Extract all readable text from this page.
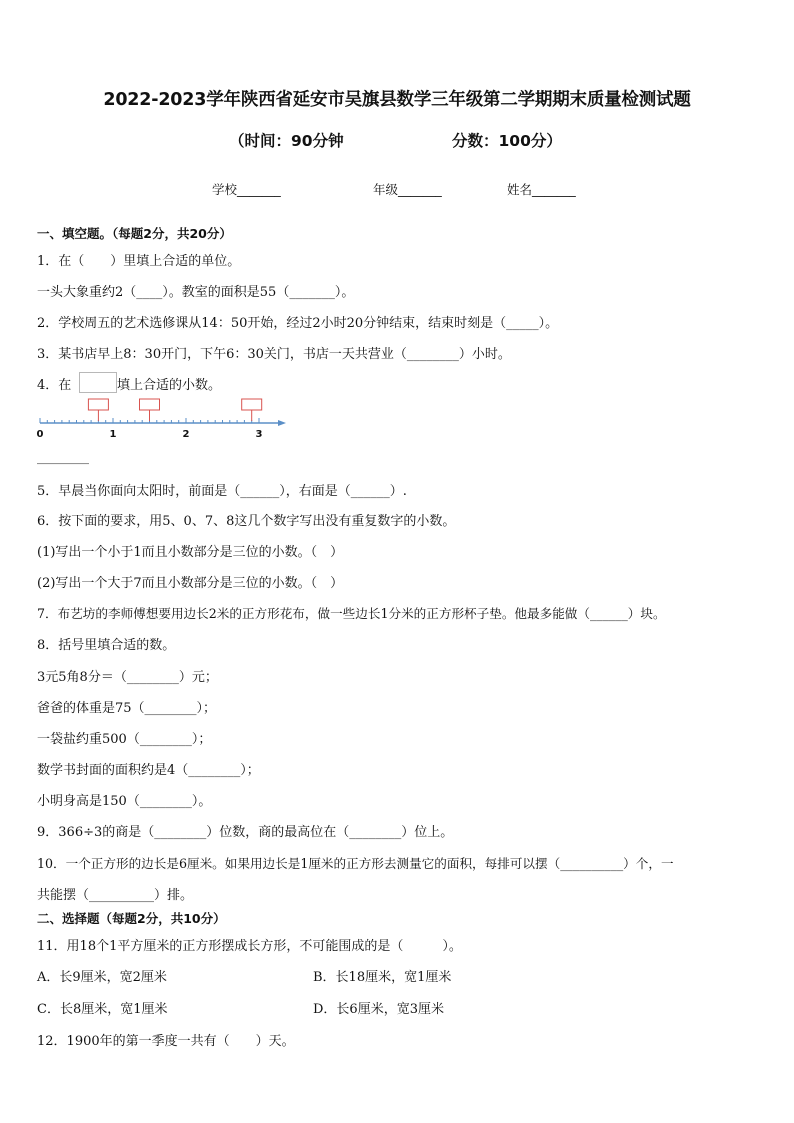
2022-2023学年陕西省延安市吴旗县数学三年级第二学期期末质量检测试题
（时间：90分钟	分数：100分）
学校_______	年级_______	姓名_______
一、填空题。（每题2分，共20分）
1．在（　　）里填上合适的单位。
一头大象重约2（____）。教室的面积是55（_______）。
2．学校周五的艺术选修课从14：50开始，经过2小时20分钟结束，结束时刻是（_____）。
3．某书店早上8：30开门，下午6：30关门，书店一天共营业（________）小时。
4．在	填上合适的小数。
0	1	2	3
________
5．早晨当你面向太阳时，前面是（______），右面是（______）.
6．按下面的要求，用5、0、7、8这几个数字写出没有重复数字的小数。
(1)写出一个小于1而且小数部分是三位的小数。（　）
(2)写出一个大于7而且小数部分是三位的小数。（　）
7．布艺坊的李师傅想要用边长2米的正方形花布，做一些边长1分米的正方形杯子垫。他最多能做（______）块。
8．括号里填合适的数。
3元5角8分＝（________）元；
爸爸的体重是75（________）；
一袋盐约重500（________）；
数学书封面的面积约是4（________）；
小明身高是150（________）。
9．366÷3的商是（________）位数，商的最高位在（________）位上。
10．一个正方形的边长是6厘米。如果用边长是1厘米的正方形去测量它的面积，每排可以摆（__________）个，一
共能摆（__________）排。
二、选择题（每题2分，共10分）
11．用18个1平方厘米的正方形摆成长方形，不可能围成的是（　　　）。
A．长9厘米，宽2厘米	B．长18厘米，宽1厘米
C．长8厘米，宽1厘米	D．长6厘米，宽3厘米
12．1900年的第一季度一共有（　　）天。
